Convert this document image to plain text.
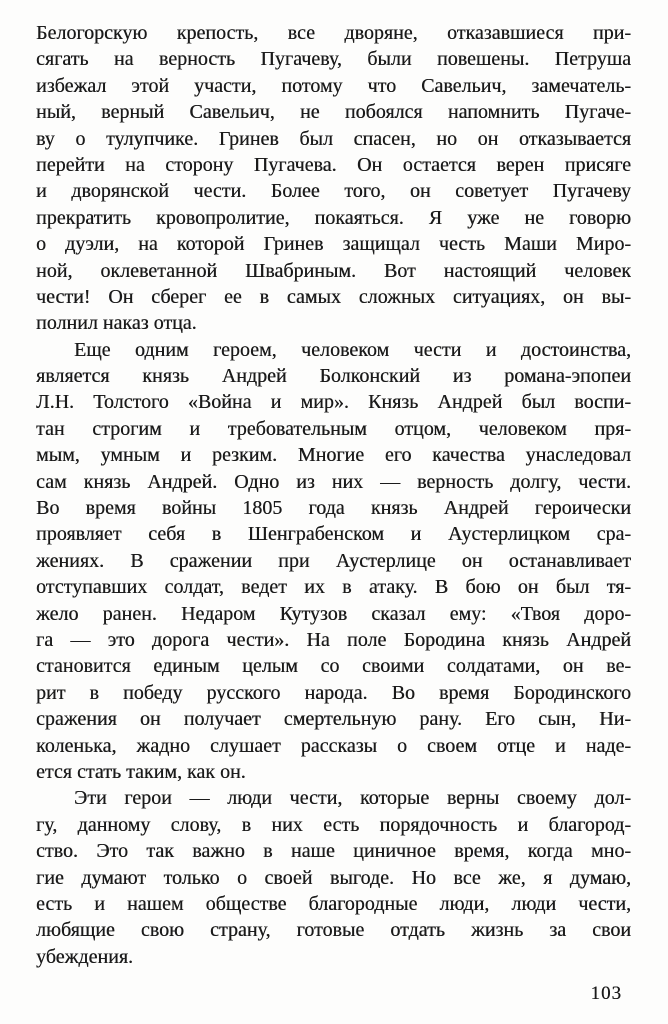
Белогорскую крепость, все дворяне, отказавшиеся при-
сягать на верность Пугачеву, были повешены. Петруша
избежал этой участи, потому что Савельич, замечатель-
ный, верный Савельич, не побоялся напомнить Пугаче-
ву о тулупчике. Гринев был спасен, но он отказывается
перейти на сторону Пугачева. Он остается верен присяге
и дворянской чести. Более того, он советует Пугачеву
прекратить кровопролитие, покаяться. Я уже не говорю
о дуэли, на которой Гринев защищал честь Маши Миро-
ной, оклеветанной Швабриным. Вот настоящий человек
чести! Он сберег ее в самых сложных ситуациях, он вы-
полнил наказ отца.
Еще одним героем, человеком чести и достоинства,
является князь Андрей Болконский из романа-эпопеи
Л.Н. Толстого «Война и мир». Князь Андрей был воспи-
тан строгим и требовательным отцом, человеком пря-
мым, умным и резким. Многие его качества унаследовал
сам князь Андрей. Одно из них — верность долгу, чести.
Во время войны 1805 года князь Андрей героически
проявляет себя в Шенграбенском и Аустерлицком сра-
жениях. В сражении при Аустерлице он останавливает
отступавших солдат, ведет их в атаку. В бою он был тя-
жело ранен. Недаром Кутузов сказал ему: «Твоя доро-
га — это дорога чести». На поле Бородина князь Андрей
становится единым целым со своими солдатами, он ве-
рит в победу русского народа. Во время Бородинского
сражения он получает смертельную рану. Его сын, Ни-
коленька, жадно слушает рассказы о своем отце и наде-
ется стать таким, как он.
Эти герои — люди чести, которые верны своему дол-
гу, данному слову, в них есть порядочность и благород-
ство. Это так важно в наше циничное время, когда мно-
гие думают только о своей выгоде. Но все же, я думаю,
есть и нашем обществе благородные люди, люди чести,
любящие свою страну, готовые отдать жизнь за свои
убеждения.
103
